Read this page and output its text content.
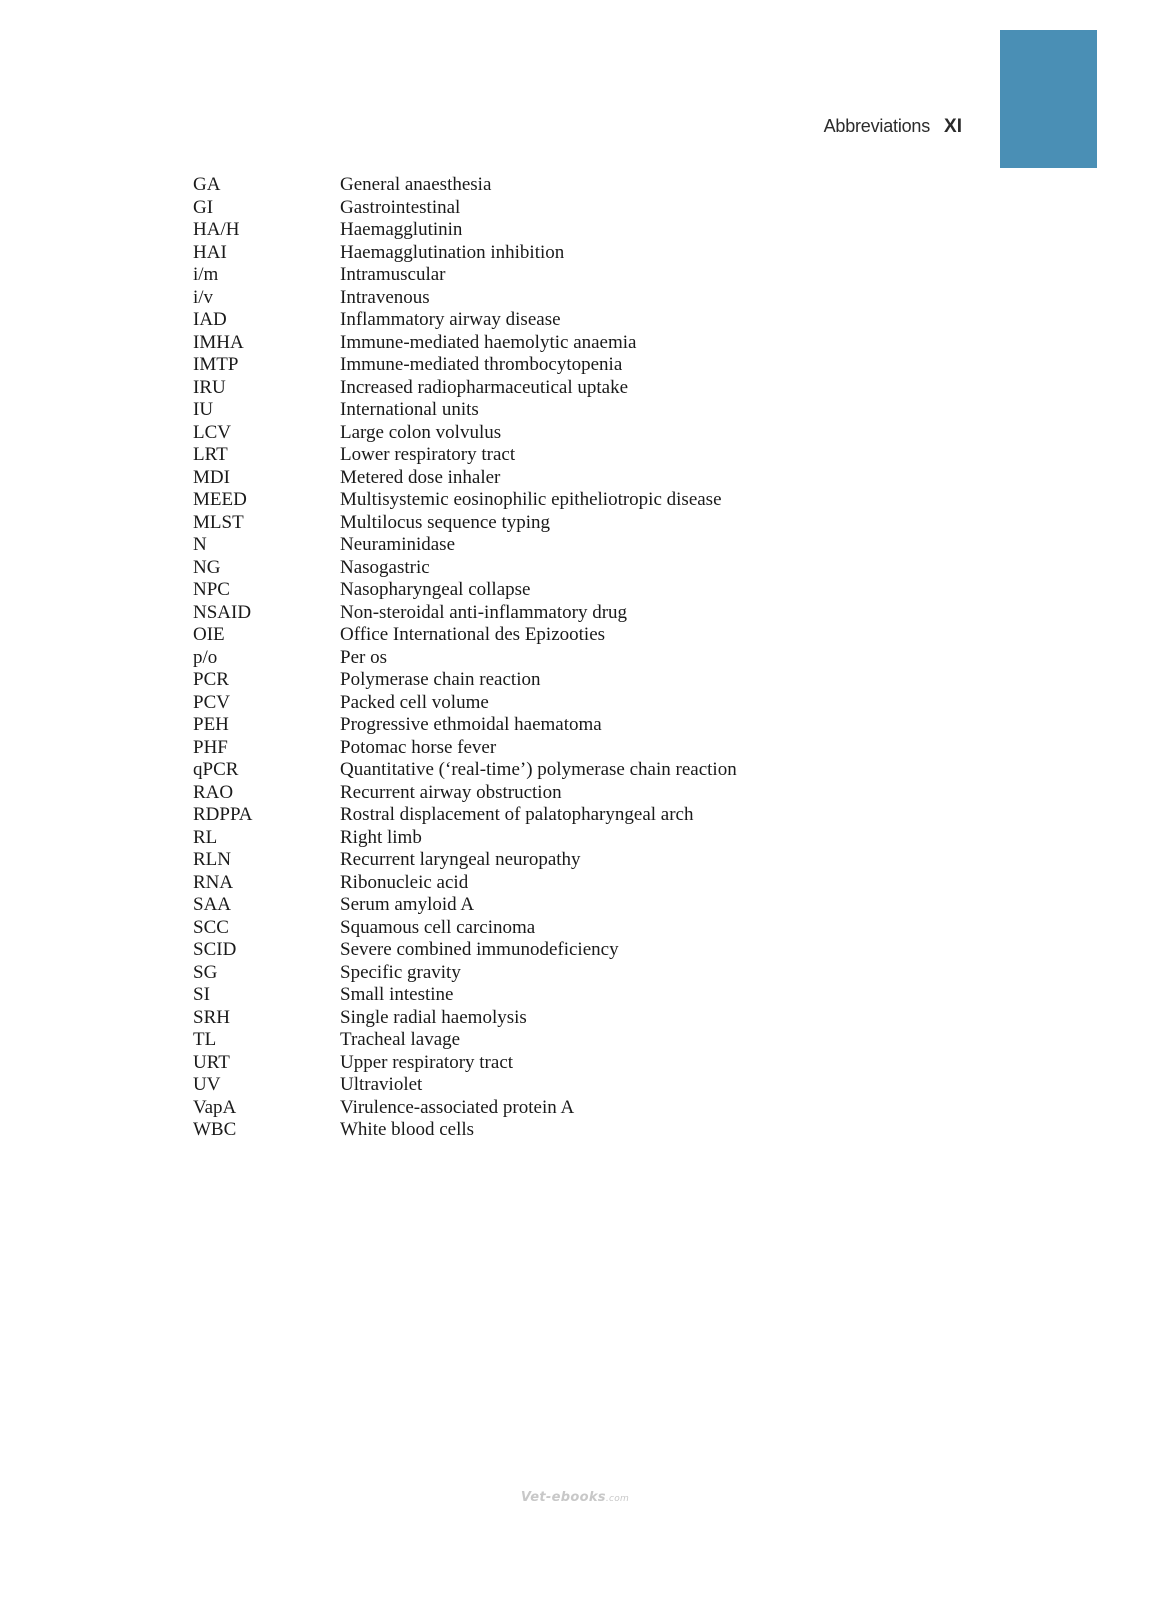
Abbreviations XI
GA	General anaesthesia
GI	Gastrointestinal
HA/H	Haemagglutinin
HAI	Haemagglutination inhibition
i/m	Intramuscular
i/v	Intravenous
IAD	Inflammatory airway disease
IMHA	Immune-mediated haemolytic anaemia
IMTP	Immune-mediated thrombocytopenia
IRU	Increased radiopharmaceutical uptake
IU	International units
LCV	Large colon volvulus
LRT	Lower respiratory tract
MDI	Metered dose inhaler
MEED	Multisystemic eosinophilic epitheliotropic disease
MLST	Multilocus sequence typing
N	Neuraminidase
NG	Nasogastric
NPC	Nasopharyngeal collapse
NSAID	Non-steroidal anti-inflammatory drug
OIE	Office International des Epizooties
p/o	Per os
PCR	Polymerase chain reaction
PCV	Packed cell volume
PEH	Progressive ethmoidal haematoma
PHF	Potomac horse fever
qPCR	Quantitative (‘real-time’) polymerase chain reaction
RAO	Recurrent airway obstruction
RDPPA	Rostral displacement of palatopharyngeal arch
RL	Right limb
RLN	Recurrent laryngeal neuropathy
RNA	Ribonucleic acid
SAA	Serum amyloid A
SCC	Squamous cell carcinoma
SCID	Severe combined immunodeficiency
SG	Specific gravity
SI	Small intestine
SRH	Single radial haemolysis
TL	Tracheal lavage
URT	Upper respiratory tract
UV	Ultraviolet
VapA	Virulence-associated protein A
WBC	White blood cells
Vet-ebooks.com
